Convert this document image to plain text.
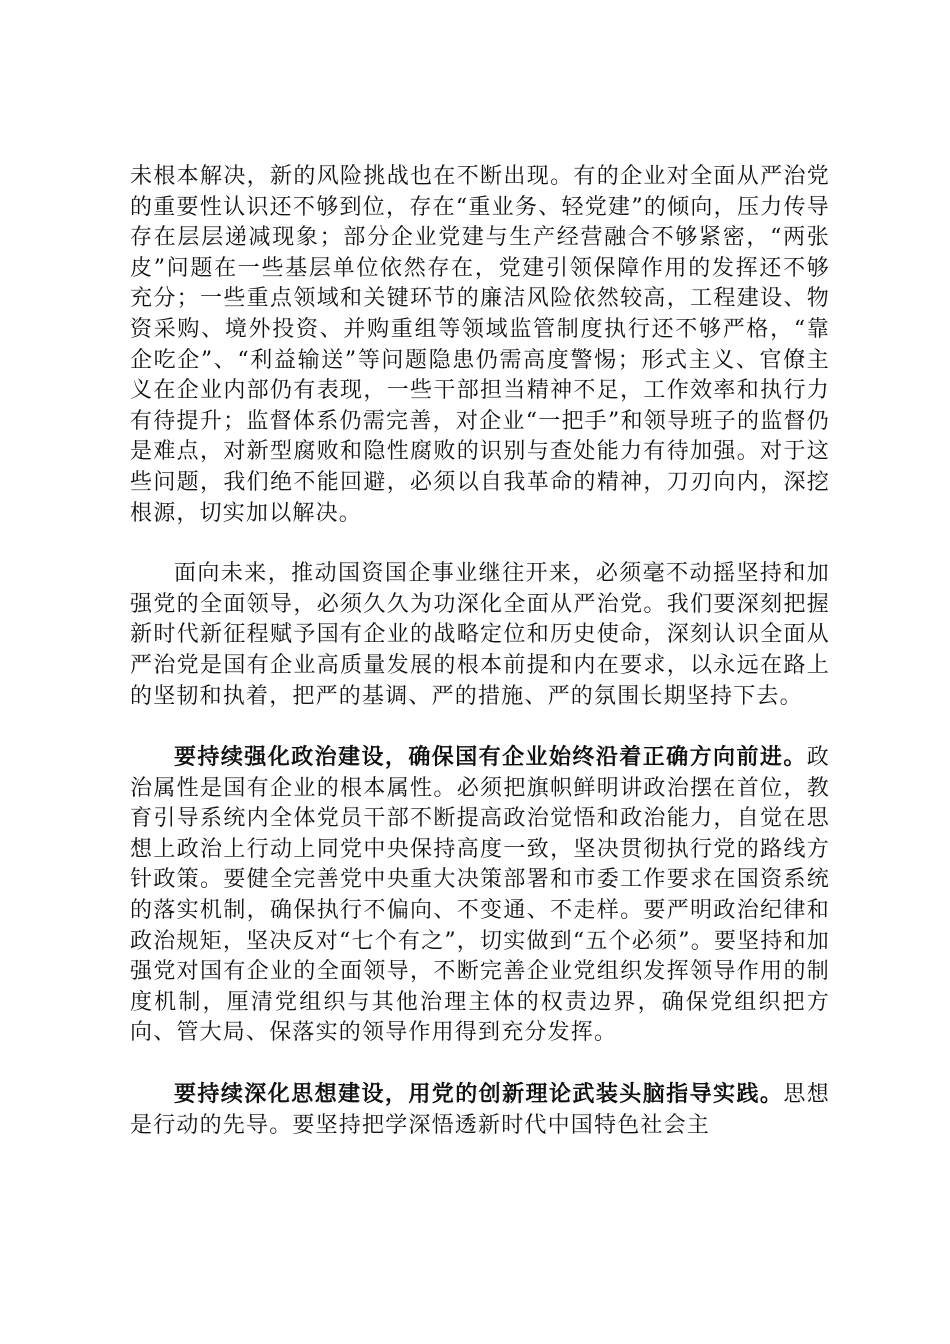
未根本解决，新的风险挑战也在不断出现。有的企业对全面从严治党的重要性认识还不够到位，存在“重业务、轻党建”的倾向，压力传导存在层层递减现象；部分企业党建与生产经营融合不够紧密，“两张皮”问题在一些基层单位依然存在，党建引领保障作用的发挥还不够充分；一些重点领域和关键环节的廉洁风险依然较高，工程建设、物资采购、境外投资、并购重组等领域监管制度执行还不够严格，“靠企吃企”、“利益输送”等问题隐患仍需高度警惕；形式主义、官僚主义在企业内部仍有表现，一些干部担当精神不足，工作效率和执行力有待提升；监督体系仍需完善，对企业“一把手”和领导班子的监督仍是难点，对新型腐败和隐性腐败的识别与查处能力有待加强。对于这些问题，我们绝不能回避，必须以自我革命的精神，刀刃向内，深挖根源，切实加以解决。

面向未来，推动国资国企事业继往开来，必须毫不动摇坚持和加强党的全面领导，必须久久为功深化全面从严治党。我们要深刻把握新时代新征程赋予国有企业的战略定位和历史使命，深刻认识全面从严治党是国有企业高质量发展的根本前提和内在要求，以永远在路上的坚韧和执着，把严的基调、严的措施、严的氛围长期坚持下去。

要持续强化政治建设，确保国有企业始终沿着正确方向前进。政治属性是国有企业的根本属性。必须把旗帜鲜明讲政治摆在首位，教育引导系统内全体党员干部不断提高政治觉悟和政治能力，自觉在思想上政治上行动上同党中央保持高度一致，坚决贯彻执行党的路线方针政策。要健全完善党中央重大决策部署和市委工作要求在国资系统的落实机制，确保执行不偏向、不变通、不走样。要严明政治纪律和政治规矩，坚决反对“七个有之”，切实做到“五个必须”。要坚持和加强党对国有企业的全面领导，不断完善企业党组织发挥领导作用的制度机制，厘清党组织与其他治理主体的权责边界，确保党组织把方向、管大局、保落实的领导作用得到充分发挥。

要持续深化思想建设，用党的创新理论武装头脑指导实践。思想是行动的先导。要坚持把学深悟透新时代中国特色社会主
